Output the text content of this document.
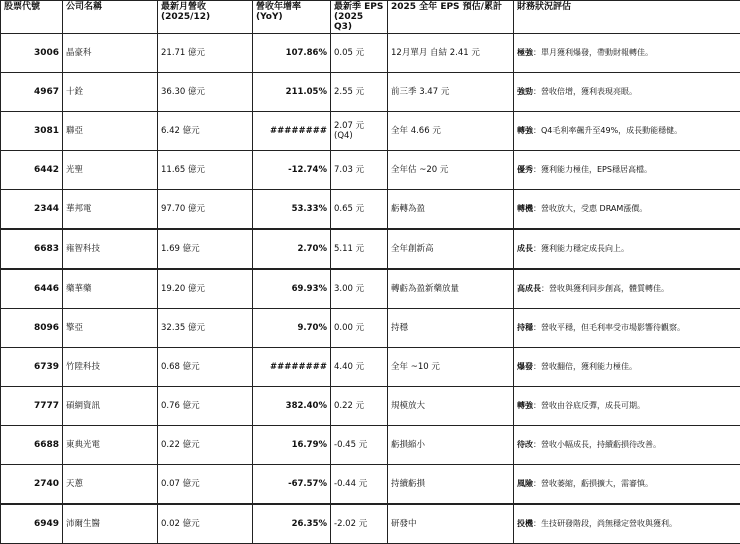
股票代號	公司名稱	最新月營收 (2025/12)	營收年增率 (YoY)	最新季 EPS (2025 Q3)	2025 全年 EPS 預估/累計	財務狀況評估
3006	晶豪科	21.71 億元	107.86%	0.05 元	12月單月 自結 2.41 元	極強：單月獲利爆發，帶動財報轉佳。
4967	十銓	36.30 億元	211.05%	2.55 元	前三季 3.47 元	強勁：營收倍增，獲利表現亮眼。
3081	聯亞	6.42 億元	########	2.07 元 (Q4)	全年 4.66 元	轉強：Q4毛利率飆升至49%，成長動能穩健。
6442	光聖	11.65 億元	-12.74%	7.03 元	全年估 ~20 元	優秀：獲利能力極佳，EPS穩居高檔。
2344	華邦電	97.70 億元	53.33%	0.65 元	虧轉為盈	轉機：營收放大，受惠 DRAM漲價。
6683	雍智科技	1.69 億元	2.70%	5.11 元	全年創新高	成長：獲利能力穩定成長向上。
6446	藥華藥	19.20 億元	69.93%	3.00 元	轉虧為盈新藥放量	高成長：營收與獲利同步創高，體質轉佳。
8096	擎亞	32.35 億元	9.70%	0.00 元	持穩	持穩：營收平穩，但毛利率受市場影響待觀察。
6739	竹陞科技	0.68 億元	########	4.40 元	全年 ~10 元	爆發：營收翻倍，獲利能力極佳。
7777	碩網資訊	0.76 億元	382.40%	0.22 元	規模放大	轉強：營收由谷底反彈，成長可期。
6688	東典光電	0.22 億元	16.79%	-0.45 元	虧損縮小	待改：營收小幅成長，持續虧損待改善。
2740	天蔥	0.07 億元	-67.57%	-0.44 元	持續虧損	風險：營收萎縮，虧損擴大，需審慎。
6949	沛爾生醫	0.02 億元	26.35%	-2.02 元	研發中	投機：生技研發階段，尚無穩定營收與獲利。
